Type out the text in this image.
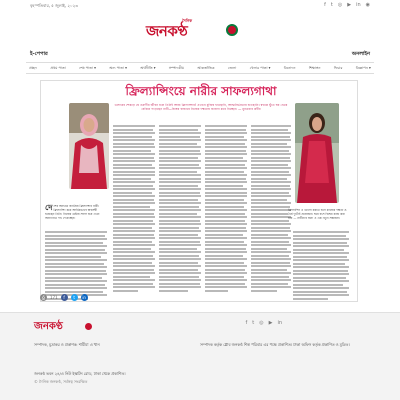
বৃহস্পতিবার, ৫ জুলাই, ২০২৩	f t ◎ ▶ in ◉
দৈনিক
জনকণ্ঠ
ই-পেপার	অনলাইন
প্রচ্ছদ	প্রথম পাতা	শেষ পাতা ▾	অন্য পাতা ▾	অর্থনীতি ▾	সম্পাদকীয়	আন্তর্জাতিক	জেলা	খেলার পাতা ▾	বিনোদন	শিক্ষাঙ্গন	ফিচার	বিজ্ঞাপন ▾
ফ্রিল্যান্সিংয়ে নারীর সাফল্যগাথা
ডলারের শেকড়ে যে তরুণীর জীবন শুরু তিনিই আজ ফ্রিল্যান্সার! এখানে মুক্তির হাতছানি, আত্মনির্ভরতার হাতছানি। স্বপ্নকে ছুঁতে ঘর থেকে বেরিয়ে পড়েছেন নারী—বিশ্বের বাজারে নিজের দক্ষতায় জায়গা করে নিচ্ছেন। — মুনওয়ার কবীর
দে শের অন্যতম জনপ্রিয় ফ্রিল্যান্সার নারী। ফ্রিল্যান্সিং করে আর্থিকভাবে স্বাবলম্বী হয়েছেন তিনি। নিজের চেষ্টায় সফল হয়ে এখন অন্যদেরও পথ দেখাচ্ছেন।
ফ্রিল্যান্সিং এ ভালো করতে হলে কাজের দক্ষতা ও ধৈর্য দুটোই প্রয়োজন। ঘরে বসে বিশ্বের কাজ করা যায় — নারীদের জন্য এ এক নতুন সম্ভাবনা।
⎙	171	f	t	in
জনকণ্ঠ	f t ◎ ▶ in
সম্পাদক, মুদ্রাকর ও প্রকাশক: শামীমা এ খান	সম্পাদক কর্তৃক গ্লোব জনকণ্ঠ শিল্প পরিবার এর পক্ষে প্রকাশিত। ঢাকা অফিস কর্তৃক প্রকাশিত ও মুদ্রিত।
জনকণ্ঠ ভবন ২৪/এ নিউ ইস্কাটন রোড, ঢাকা থেকে প্রকাশিত।
© দৈনিক জনকণ্ঠ, সর্বস্বত্ব সংরক্ষিত
